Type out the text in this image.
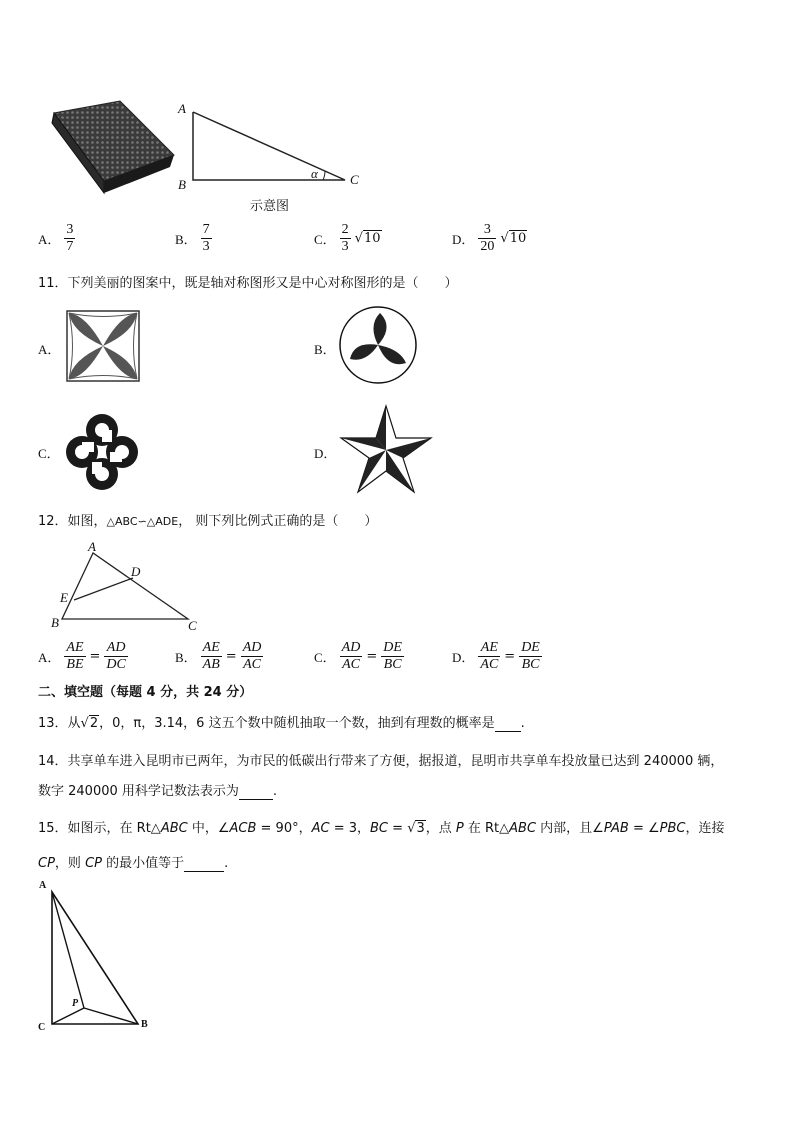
A
B	C
α
示意图
A． $\frac{3}{7}$	B． $\frac{7}{3}$	C． $\frac{2}{3} √10$	D． $\frac{3}{20} √10$
11．下列美丽的图案中，既是轴对称图形又是中心对称图形的是（　　）
A．	B．
C．	D．
12．如图，△ABC∽△ADE， 则下列比例式正确的是（　　）
A
D
E
B	C
A． $\frac{AE}{BE} = \frac{AD}{DC}$	B． $\frac{AE}{AB} = \frac{AD}{AC}$	C． $\frac{AD}{AC} = \frac{DE}{BC}$	D． $\frac{AE}{AC} = \frac{DE}{BC}$
二、填空题（每题 4 分，共 24 分）
13．从√2，0，π，3.14，6 这五个数中随机抽取一个数，抽到有理数的概率是 .
14．共享单车进入昆明市已两年，为市民的低碳出行带来了方便，据报道，昆明市共享单车投放量已达到 240000 辆，
数字 240000 用科学记数法表示为	.
15．如图示，在 Rt△ABC 中，∠ACB = 90°，AC = 3，BC = √3，点 P 在 Rt△ABC 内部，且∠PAB = ∠PBC，连接
CP，则 CP 的最小值等于	.
A
C	B
P
